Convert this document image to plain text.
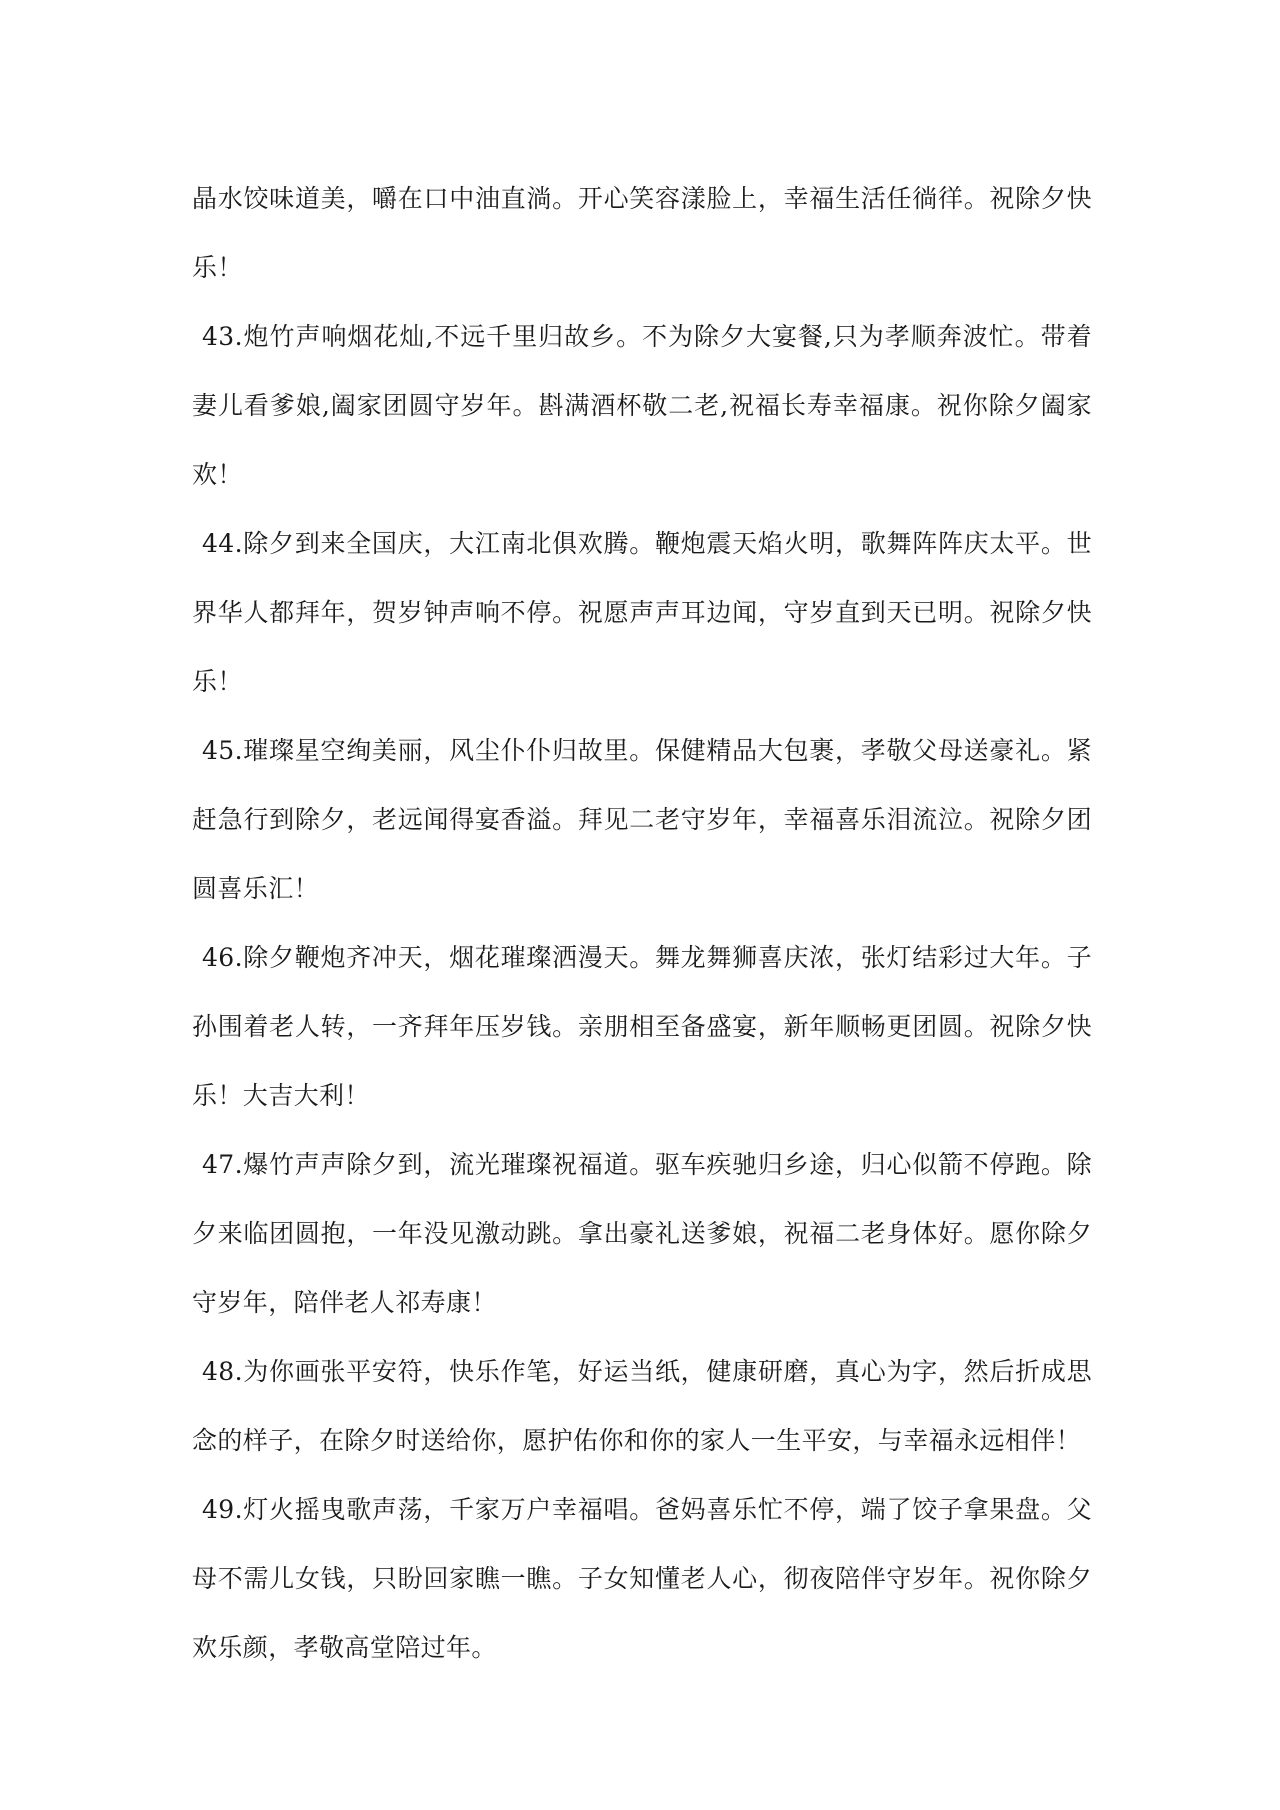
晶水饺味道美，嚼在口中油直淌。开心笑容漾脸上，幸福生活任徜徉。祝除夕快乐！

43.炮竹声响烟花灿,不远千里归故乡。不为除夕大宴餐,只为孝顺奔波忙。带着妻儿看爹娘,阖家团圆守岁年。斟满酒杯敬二老,祝福长寿幸福康。祝你除夕阖家欢！

44.除夕到来全国庆，大江南北俱欢腾。鞭炮震天焰火明，歌舞阵阵庆太平。世界华人都拜年，贺岁钟声响不停。祝愿声声耳边闻，守岁直到天已明。祝除夕快乐！

45.璀璨星空绚美丽，风尘仆仆归故里。保健精品大包裹，孝敬父母送豪礼。紧赶急行到除夕，老远闻得宴香溢。拜见二老守岁年，幸福喜乐泪流泣。祝除夕团圆喜乐汇！

46.除夕鞭炮齐冲天，烟花璀璨洒漫天。舞龙舞狮喜庆浓，张灯结彩过大年。子孙围着老人转，一齐拜年压岁钱。亲朋相至备盛宴，新年顺畅更团圆。祝除夕快乐！大吉大利！

47.爆竹声声除夕到，流光璀璨祝福道。驱车疾驰归乡途，归心似箭不停跑。除夕来临团圆抱，一年没见激动跳。拿出豪礼送爹娘，祝福二老身体好。愿你除夕守岁年，陪伴老人祁寿康！

48.为你画张平安符，快乐作笔，好运当纸，健康研磨，真心为字，然后折成思念的样子，在除夕时送给你，愿护佑你和你的家人一生平安，与幸福永远相伴！

49.灯火摇曳歌声荡，千家万户幸福唱。爸妈喜乐忙不停，端了饺子拿果盘。父母不需儿女钱，只盼回家瞧一瞧。子女知懂老人心，彻夜陪伴守岁年。祝你除夕欢乐颜，孝敬高堂陪过年。
